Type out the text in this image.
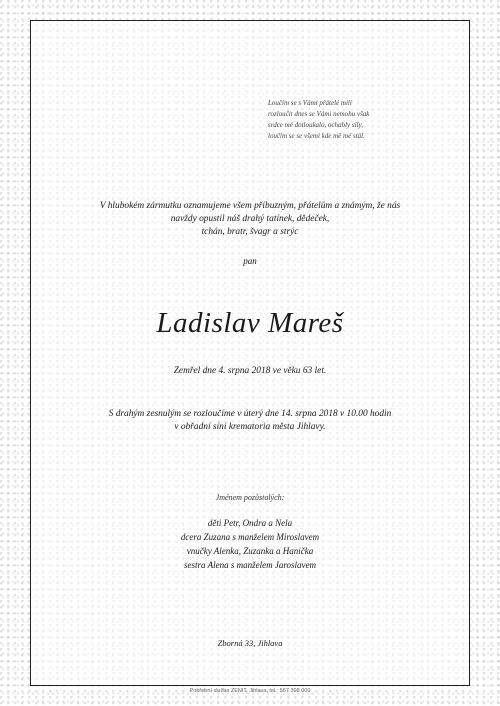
Loučím se s Vámi přátelé milí
rozloučit dnes se Vámi nemohu však
srdce mé dotloukalo, ochably síly,
loučím se se všemi kde mě mé stál.
V hlubokém zármutku oznamujeme všem příbuzným, přátelům a známým, že nás
navždy opustil náš drahý tatínek, dědeček,
tchán, bratr, švagr a strýc
pan
Ladislav Mareš
Zemřel dne 4. srpna 2018 ve věku 63 let.
S drahým zesnulým se rozloučíme v úterý dne 14. srpna 2018 v 10.00 hodin
v obřadní síni krematoria města Jihlavy.
Jménem pozůstalých:
děti Petr, Ondra a Nela
dcera Zuzana s manželem Miroslavem
vnučky Alenka, Zuzanka a Hanička
sestra Alena s manželem Jaroslavem
Zborná 33, Jihlava
Pohřební služba ZENIT, Jihlava, tel.: 567 308 000
